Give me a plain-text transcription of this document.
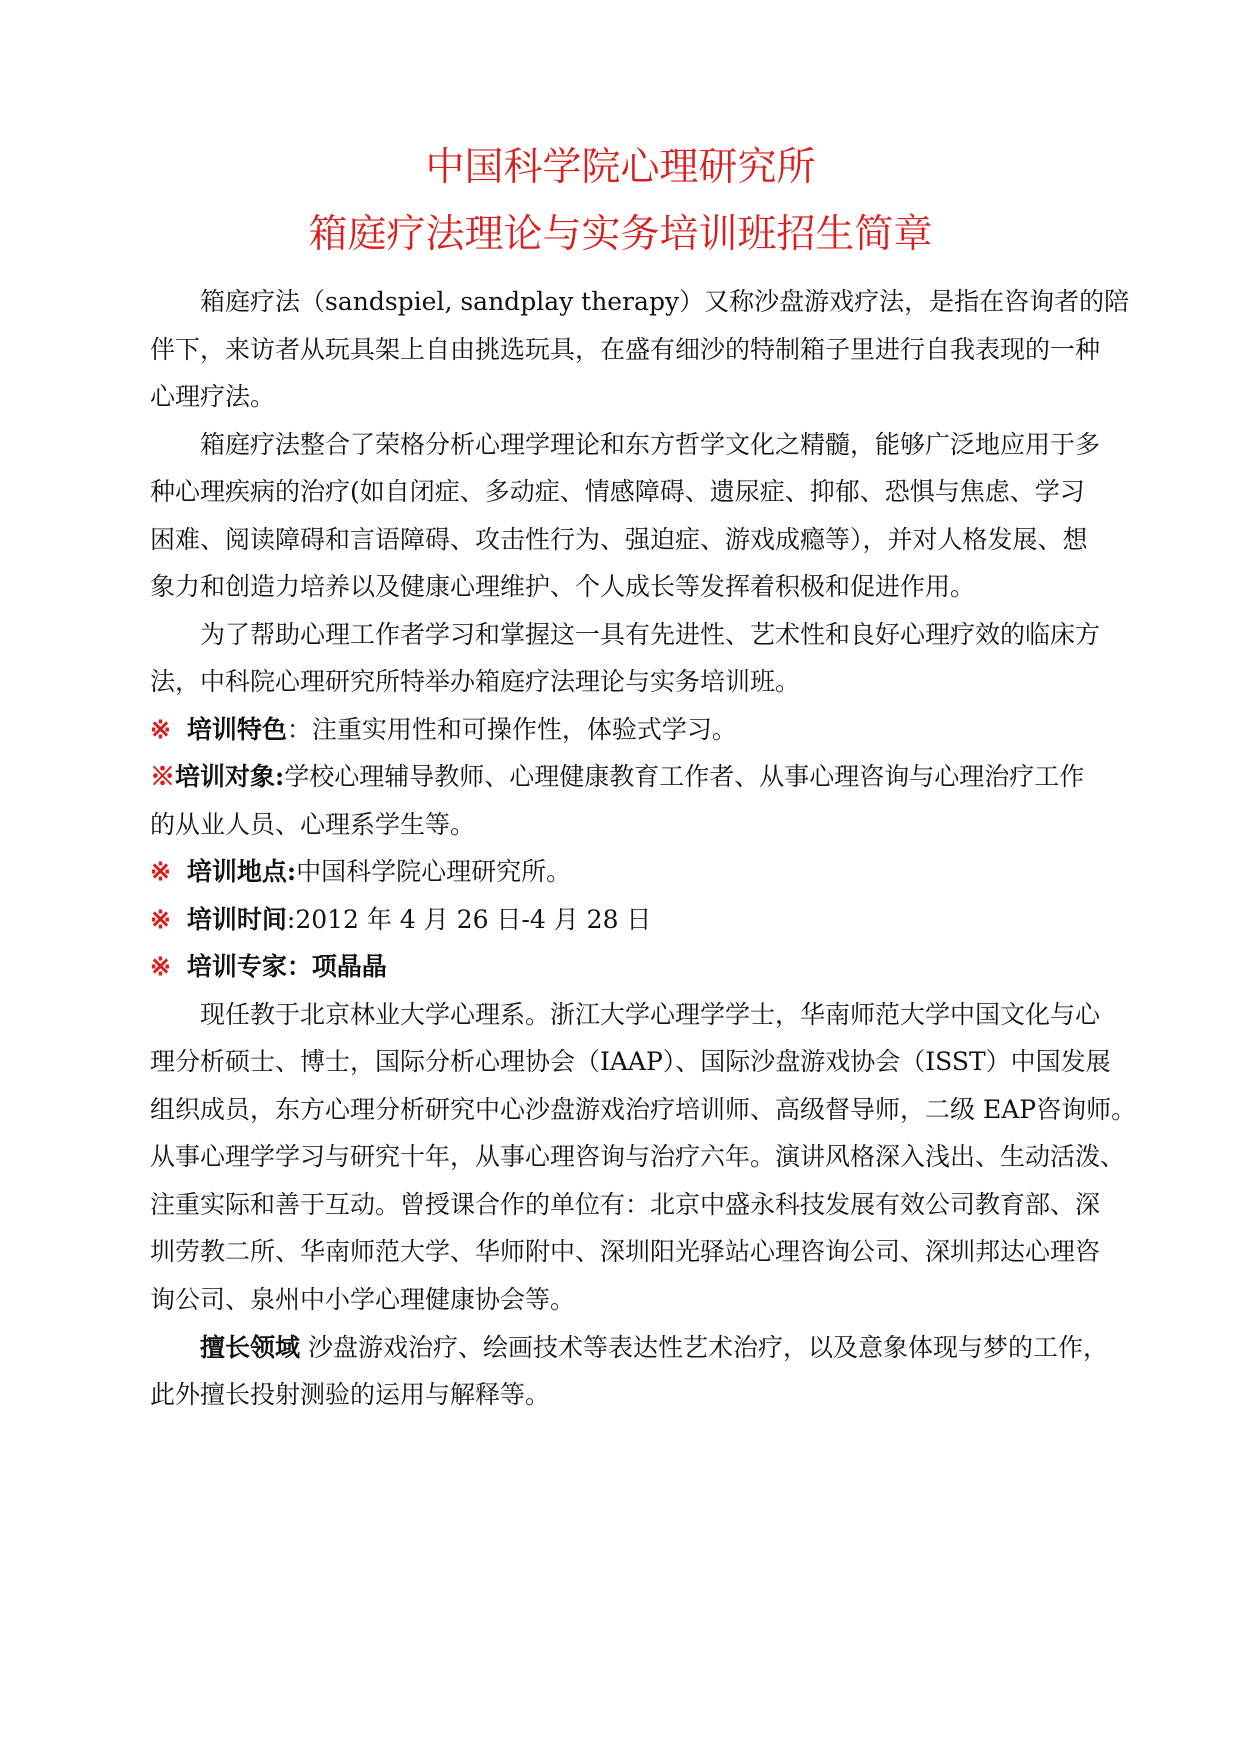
中国科学院心理研究所
箱庭疗法理论与实务培训班招生简章
箱庭疗法（sandspiel, sandplay therapy）又称沙盘游戏疗法，是指在咨询者的陪
伴下，来访者从玩具架上自由挑选玩具，在盛有细沙的特制箱子里进行自我表现的一种
心理疗法。
箱庭疗法整合了荣格分析心理学理论和东方哲学文化之精髓，能够广泛地应用于多
种心理疾病的治疗(如自闭症、多动症、情感障碍、遗尿症、抑郁、恐惧与焦虑、学习
困难、阅读障碍和言语障碍、攻击性行为、强迫症、游戏成瘾等），并对人格发展、想
象力和创造力培养以及健康心理维护、个人成长等发挥着积极和促进作用。
为了帮助心理工作者学习和掌握这一具有先进性、艺术性和良好心理疗效的临床方
法，中科院心理研究所特举办箱庭疗法理论与实务培训班。
※ 培训特色：注重实用性和可操作性，体验式学习。
※培训对象:学校心理辅导教师、心理健康教育工作者、从事心理咨询与心理治疗工作
的从业人员、心理系学生等。
※ 培训地点:中国科学院心理研究所。
※ 培训时间:2012 年 4 月 26 日-4 月 28 日
※ 培训专家：项晶晶
现任教于北京林业大学心理系。浙江大学心理学学士，华南师范大学中国文化与心
理分析硕士、博士，国际分析心理协会（IAAP）、国际沙盘游戏协会（ISST）中国发展
组织成员，东方心理分析研究中心沙盘游戏治疗培训师、高级督导师，二级 EAP咨询师。
从事心理学学习与研究十年，从事心理咨询与治疗六年。演讲风格深入浅出、生动活泼、
注重实际和善于互动。曾授课合作的单位有：北京中盛永科技发展有效公司教育部、深
圳劳教二所、华南师范大学、华师附中、深圳阳光驿站心理咨询公司、深圳邦达心理咨
询公司、泉州中小学心理健康协会等。
擅长领域 沙盘游戏治疗、绘画技术等表达性艺术治疗，以及意象体现与梦的工作，
此外擅长投射测验的运用与解释等。
